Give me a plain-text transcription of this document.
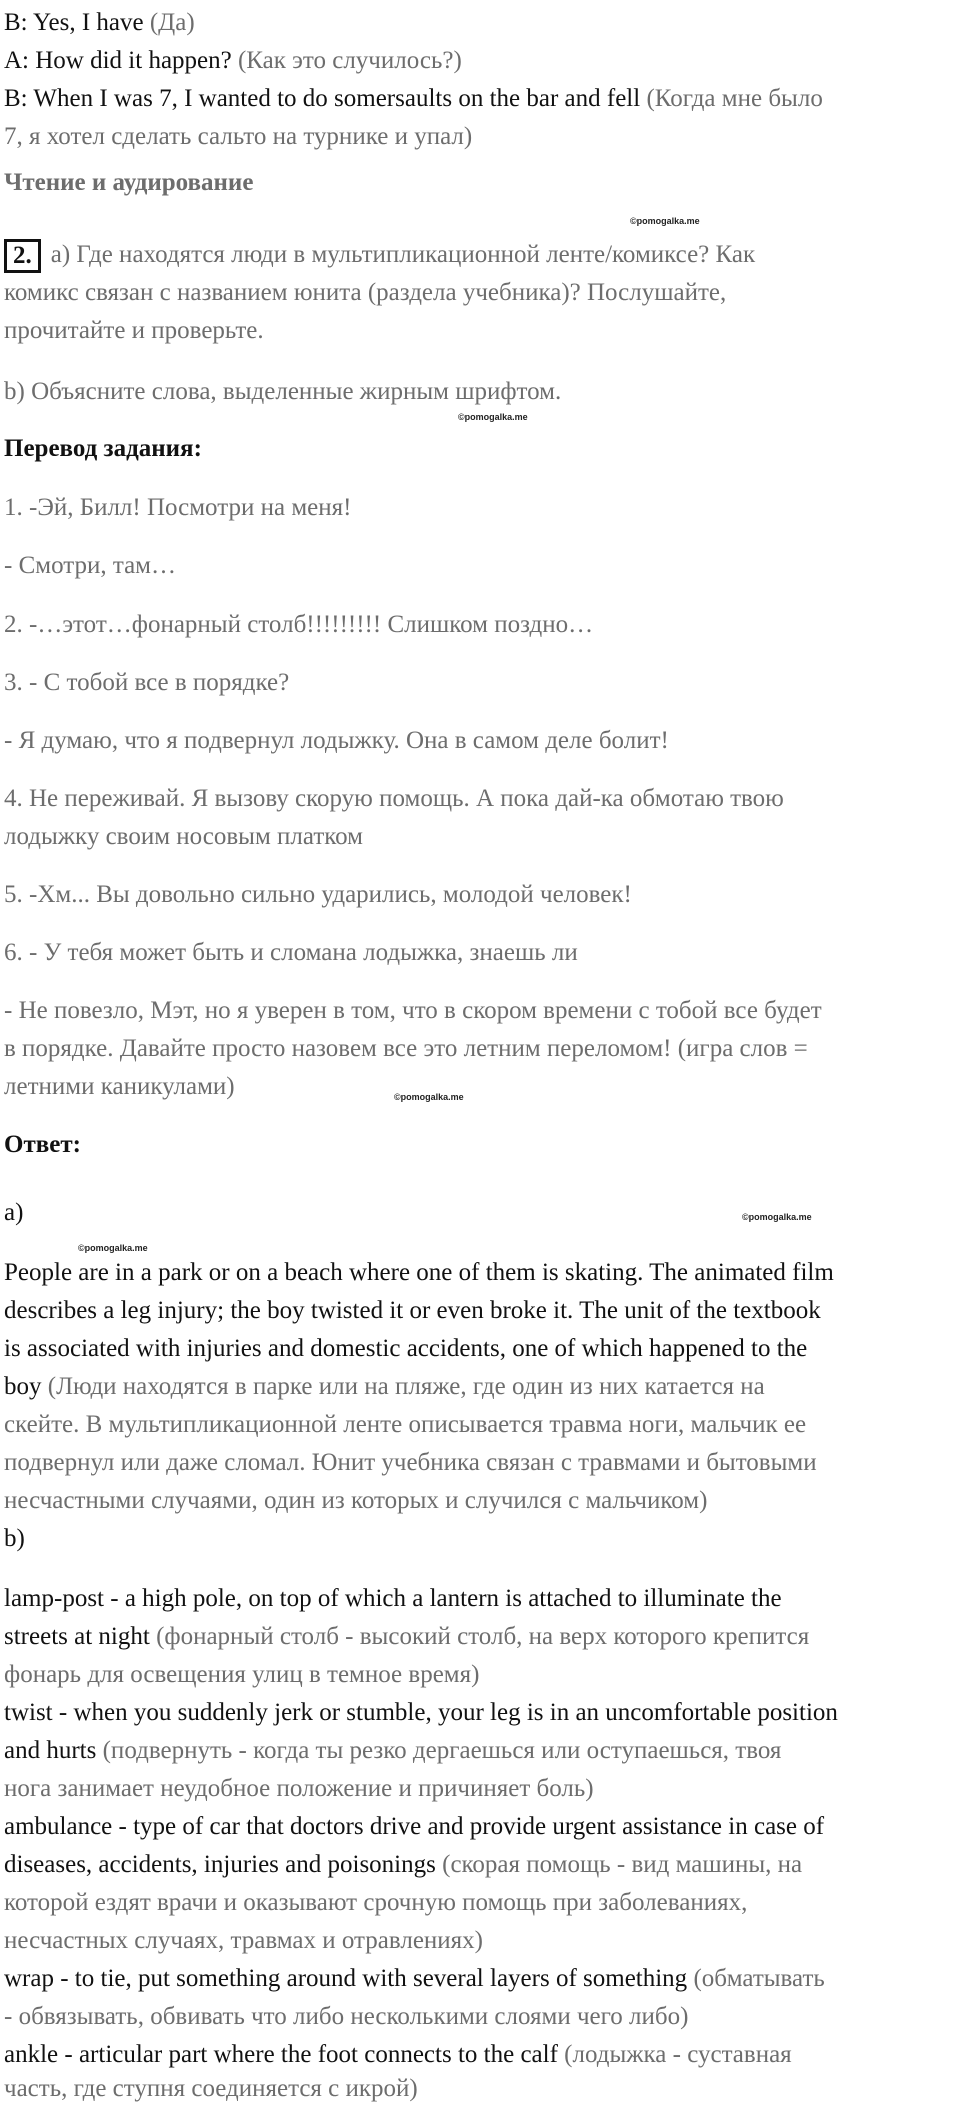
B: Yes, I have (Да)
A: How did it happen? (Как это случилось?)
B: When I was 7, I wanted to do somersaults on the bar and fell (Когда мне было
7, я хотел сделать сальто на турнике и упал)
Чтение и аудирование
©pomogalka.me
2. a) Где находятся люди в мультипликационной ленте/комиксе? Как
комикс связан с названием юнита (раздела учебника)? Послушайте,
прочитайте и проверьте.
b) Объясните слова, выделенные жирным шрифтом.
©pomogalka.me
Перевод задания:
1. -Эй, Билл! Посмотри на меня!
- Смотри, там…
2. -…этот…фонарный столб!!!!!!!!! Слишком поздно…
3. - С тобой все в порядке?
- Я думаю, что я подвернул лодыжку. Она в самом деле болит!
4. Не переживай. Я вызову скорую помощь. А пока дай-ка обмотаю твою
лодыжку своим носовым платком
5. -Хм... Вы довольно сильно ударились, молодой человек!
6. - У тебя может быть и сломана лодыжка, знаешь ли
- Не повезло, Мэт, но я уверен в том, что в скором времени с тобой все будет
в порядке. Давайте просто назовем все это летним переломом! (игра слов =
летними каникулами)	©pomogalka.me
Ответ:
a)	©pomogalka.me
©pomogalka.me
People are in a park or on a beach where one of them is skating. The animated film
describes a leg injury; the boy twisted it or even broke it. The unit of the textbook
is associated with injuries and domestic accidents, one of which happened to the
boy (Люди находятся в парке или на пляже, где один из них катается на
скейте. В мультипликационной ленте описывается травма ноги, мальчик ее
подвернул или даже сломал. Юнит учебника связан с травмами и бытовыми
несчастными случаями, один из которых и случился с мальчиком)
b)
lamp-post - a high pole, on top of which a lantern is attached to illuminate the
streets at night (фонарный столб - высокий столб, на верх которого крепится
фонарь для освещения улиц в темное время)
twist - when you suddenly jerk or stumble, your leg is in an uncomfortable position
and hurts (подвернуть - когда ты резко дергаешься или оступаешься, твоя
нога занимает неудобное положение и причиняет боль)
ambulance - type of car that doctors drive and provide urgent assistance in case of
diseases, accidents, injuries and poisonings (скорая помощь - вид машины, на
которой ездят врачи и оказывают срочную помощь при заболеваниях,
несчастных случаях, травмах и отравлениях)
wrap - to tie, put something around with several layers of something (обматывать
- обвязывать, обвивать что либо несколькими слоями чего либо)
ankle - articular part where the foot connects to the calf (лодыжка - суставная
часть, где ступня соединяется с икрой)
